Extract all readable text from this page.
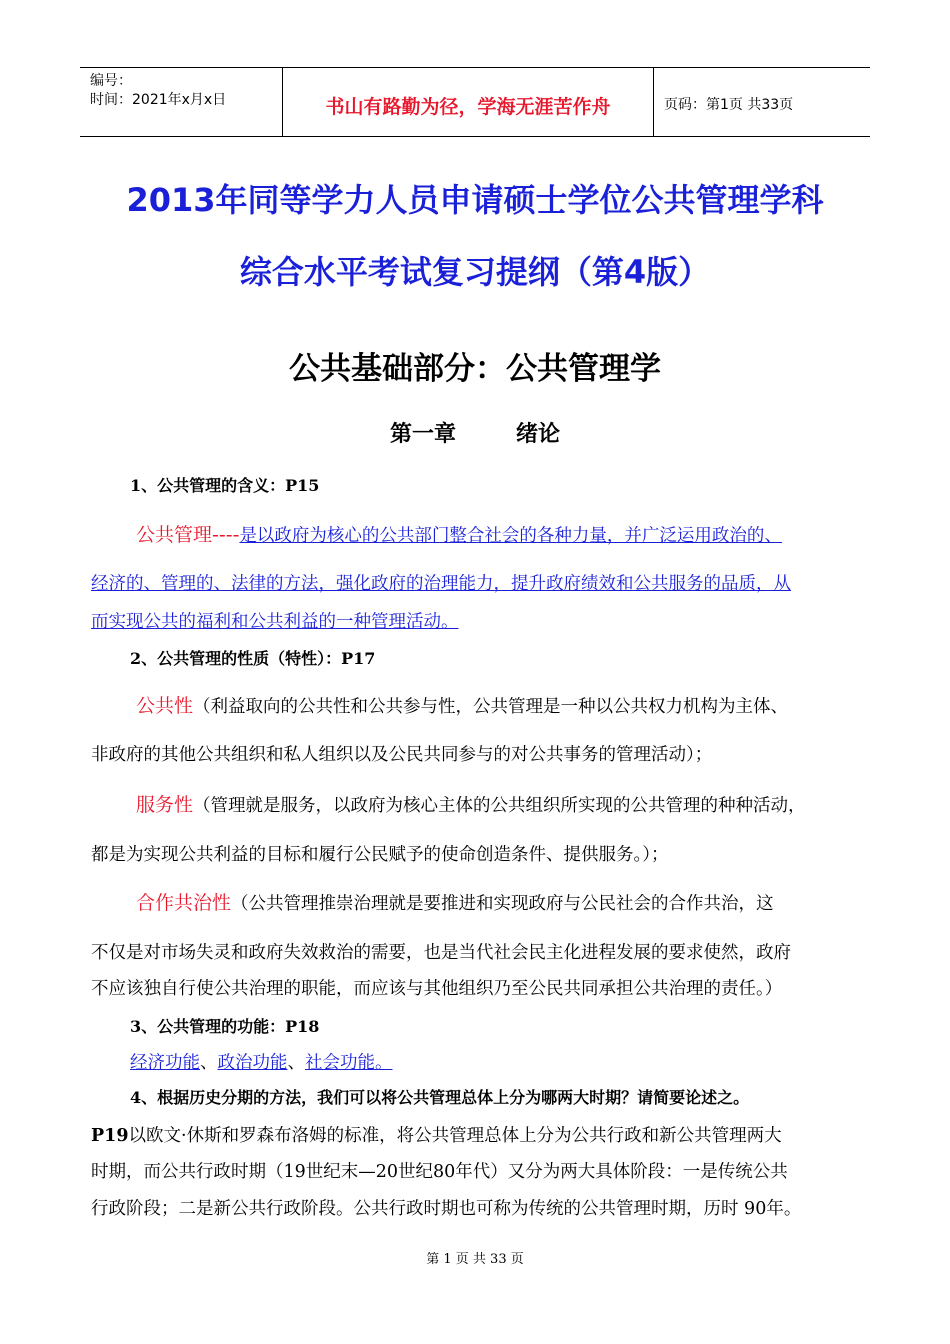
编号：
时间：2021年x月x日	书山有路勤为径，学海无涯苦作舟	页码：第1页 共33页
2013年同等学力人员申请硕士学位公共管理学科
综合水平考试复习提纲（第4版）
公共基础部分：公共管理学
第一章	绪论
1、公共管理的含义：P15
公共管理----是以政府为核心的公共部门整合社会的各种力量，并广泛运用政治的、
经济的、管理的、法律的方法，强化政府的治理能力，提升政府绩效和公共服务的品质，从
而实现公共的福利和公共利益的一种管理活动。
2、公共管理的性质（特性）：P17
公共性（利益取向的公共性和公共参与性，公共管理是一种以公共权力机构为主体、
非政府的其他公共组织和私人组织以及公民共同参与的对公共事务的管理活动）；
服务性（管理就是服务，以政府为核心主体的公共组织所实现的公共管理的种种活动，
都是为实现公共利益的目标和履行公民赋予的使命创造条件、提供服务。）；
合作共治性（公共管理推崇治理就是要推进和实现政府与公民社会的合作共治，这
不仅是对市场失灵和政府失效救治的需要，也是当代社会民主化进程发展的要求使然，政府
不应该独自行使公共治理的职能，而应该与其他组织乃至公民共同承担公共治理的责任。）
3、公共管理的功能：P18
经济功能、政治功能、社会功能。
4、根据历史分期的方法，我们可以将公共管理总体上分为哪两大时期？请简要论述之。
P19以欧文·休斯和罗森布洛姆的标准，将公共管理总体上分为公共行政和新公共管理两大
时期，而公共行政时期（19世纪末—20世纪80年代）又分为两大具体阶段：一是传统公共
行政阶段；二是新公共行政阶段。公共行政时期也可称为传统的公共管理时期，历时 90年。
第 1 页 共 33 页
